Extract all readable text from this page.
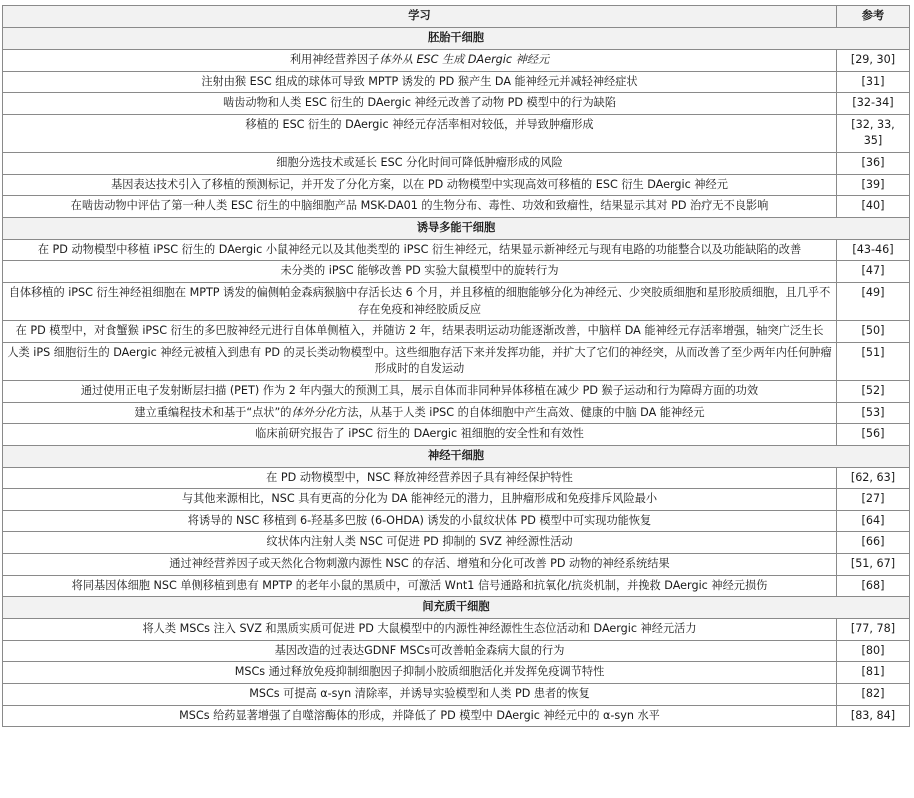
学习	参考
胚胎干细胞	
利用神经营养因子体外从 ESC 生成 DAergic 神经元	[29, 30]
注射由猴 ESC 组成的球体可导致 MPTP 诱发的 PD 猴产生 DA 能神经元并减轻神经症状	[31]
啮齿动物和人类 ESC 衍生的 DAergic 神经元改善了动物 PD 模型中的行为缺陷	[32-34]
移植的 ESC 衍生的 DAergic 神经元存活率相对较低，并导致肿瘤形成	[32, 33, 35]
细胞分选技术或延长 ESC 分化时间可降低肿瘤形成的风险	[36]
基因表达技术引入了移植的预测标记，并开发了分化方案，以在 PD 动物模型中实现高效可移植的 ESC 衍生 DAergic 神经元	[39]
在啮齿动物中评估了第一种人类 ESC 衍生的中脑细胞产品 MSK-DA01 的生物分布、毒性、功效和致瘤性，结果显示其对 PD 治疗无不良影响	[40]
诱导多能干细胞	
在 PD 动物模型中移植 iPSC 衍生的 DAergic 小鼠神经元以及其他类型的 iPSC 衍生神经元，结果显示新神经元与现有电路的功能整合以及功能缺陷的改善	[43-46]
未分类的 iPSC 能够改善 PD 实验大鼠模型中的旋转行为	[47]
自体移植的 iPSC 衍生神经祖细胞在 MPTP 诱发的偏侧帕金森病猴脑中存活长达 6 个月，并且移植的细胞能够分化为神经元、少突胶质细胞和星形胶质细胞，且几乎不存在免疫和神经胶质反应	[49]
在 PD 模型中，对食蟹猴 iPSC 衍生的多巴胺神经元进行自体单侧植入，并随访 2 年，结果表明运动功能逐渐改善，中脑样 DA 能神经元存活率增强，轴突广泛生长	[50]
人类 iPS 细胞衍生的 DAergic 神经元被植入到患有 PD 的灵长类动物模型中。这些细胞存活下来并发挥功能，并扩大了它们的神经突，从而改善了至少两年内任何肿瘤形成时的自发运动	[51]
通过使用正电子发射断层扫描 (PET) 作为 2 年内强大的预测工具，展示自体而非同种异体移植在减少 PD 猴子运动和行为障碍方面的功效	[52]
建立重编程技术和基于“点状”的体外分化方法，从基于人类 iPSC 的自体细胞中产生高效、健康的中脑 DA 能神经元	[53]
临床前研究报告了 iPSC 衍生的 DAergic 祖细胞的安全性和有效性	[56]
神经干细胞	
在 PD 动物模型中，NSC 释放神经营养因子具有神经保护特性	[62, 63]
与其他来源相比，NSC 具有更高的分化为 DA 能神经元的潜力，且肿瘤形成和免疫排斥风险最小	[27]
将诱导的 NSC 移植到 6-羟基多巴胺 (6-OHDA) 诱发的小鼠纹状体 PD 模型中可实现功能恢复	[64]
纹状体内注射人类 NSC 可促进 PD 抑制的 SVZ 神经源性活动	[66]
通过神经营养因子或天然化合物刺激内源性 NSC 的存活、增殖和分化可改善 PD 动物的神经系统结果	[51, 67]
将同基因体细胞 NSC 单侧移植到患有 MPTP 的老年小鼠的黑质中，可激活 Wnt1 信号通路和抗氧化/抗炎机制，并挽救 DAergic 神经元损伤	[68]
间充质干细胞	
将人类 MSCs 注入 SVZ 和黑质实质可促进 PD 大鼠模型中的内源性神经源性生态位活动和 DAergic 神经元活力	[77, 78]
基因改造的过表达GDNF MSCs可改善帕金森病大鼠的行为	[80]
MSCs 通过释放免疫抑制细胞因子抑制小胶质细胞活化并发挥免疫调节特性	[81]
MSCs 可提高 α-syn 清除率，并诱导实验模型和人类 PD 患者的恢复	[82]
MSCs 给药显著增强了自噬溶酶体的形成，并降低了 PD 模型中 DAergic 神经元中的 α-syn 水平	[83, 84]
